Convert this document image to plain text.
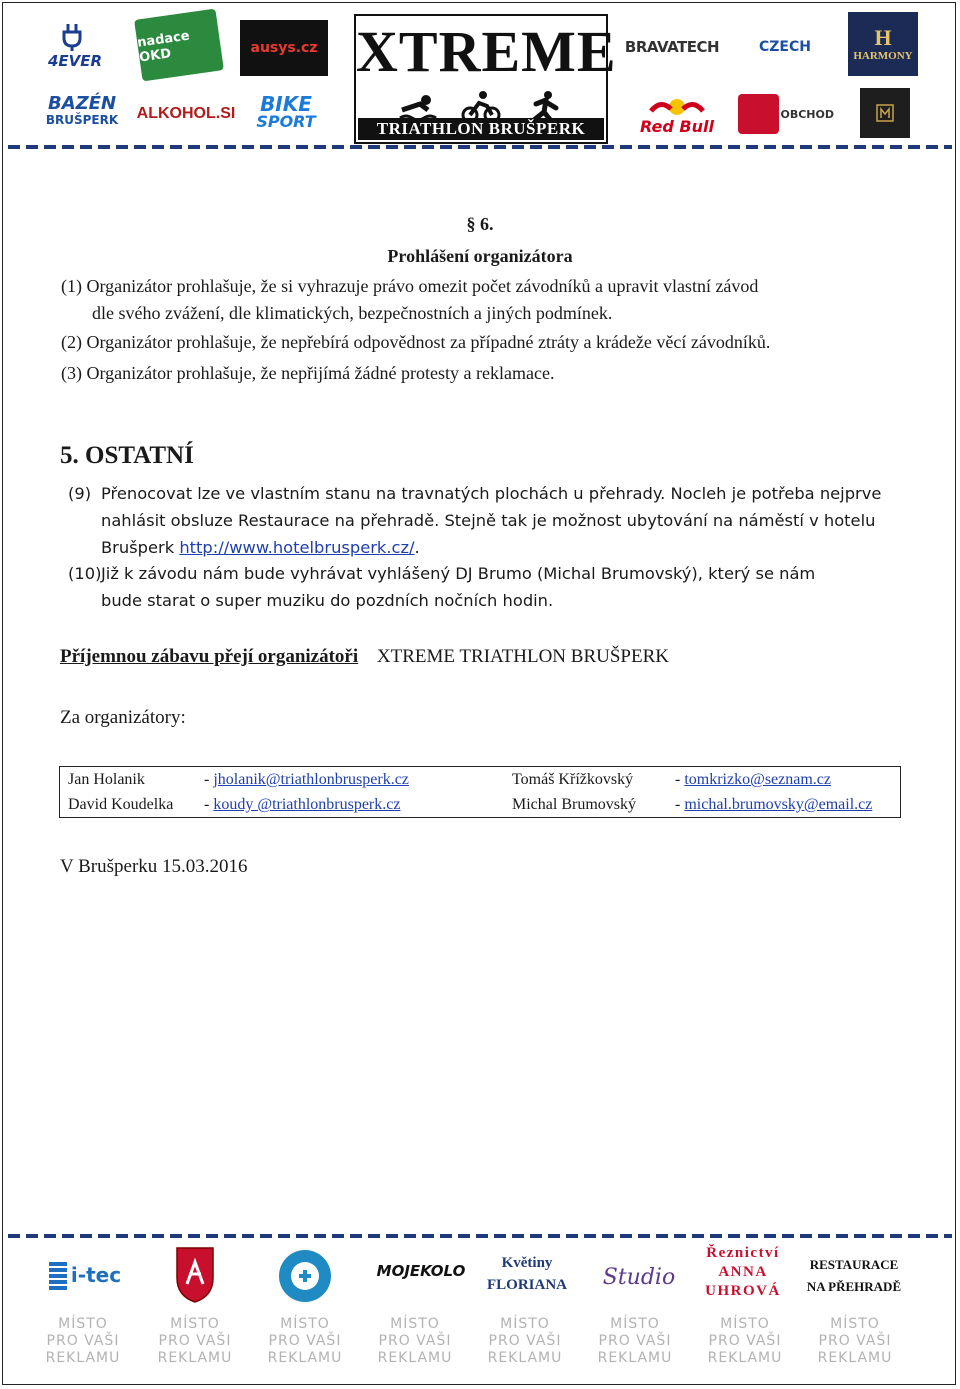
4EVER
nadace OKD	ausys.cz
BAZÉN
BRUŠPERK ALKOHOL.SI BIKE
SPORT
XTREME
TRIATHLON BRUŠPERK
BRAVATECH	CZECH	H
HARMONY
Red Bull
OBCHOD
§ 6.
Prohlášení organizátora
(1) Organizátor prohlašuje, že si vyhrazuje právo omezit počet závodníků a upravit vlastní závod
dle svého zvážení, dle klimatických, bezpečnostních a jiných podmínek.
(2) Organizátor prohlašuje, že nepřebírá odpovědnost za případné ztráty a krádeže věcí závodníků.
(3) Organizátor prohlašuje, že nepřijímá žádné protesty a reklamace.
5. OSTATNÍ
(9) Přenocovat lze ve vlastním stanu na travnatých plochách u přehrady. Nocleh je potřeba nejprve
nahlásit obsluze Restaurace na přehradě. Stejně tak je možnost ubytování na náměstí v hotelu
Brušperk http://www.hotelbrusperk.cz/.
(10) Již k závodu nám bude vyhrávat vyhlášený DJ Brumo (Michal Brumovský), který se nám
bude starat o super muziku do pozdních nočních hodin.
Příjemnou zábavu přejí organizátoři XTREME TRIATHLON BRUŠPERK
Za organizátory:
Jan Holanik	- jholanik@triathlonbrusperk.cz	Tomáš Křížkovský	- tomkrizko@seznam.cz
David Koudelka	- koudy @triathlonbrusperk.cz	Michal Brumovský	- michal.brumovsky@email.cz
V Brušperku 15.03.2016
i-tec	MOJEKOLO	Květiny
FLORIANA	Studio
Řeznictví
ANNA
UHROVÁ
RESTAURACE
NA PŘEHRADĚ
MÍSTO
PRO VAŠI
REKLAMU
MÍSTO
PRO VAŠI
REKLAMU
MÍSTO
PRO VAŠI
REKLAMU
MÍSTO
PRO VAŠI
REKLAMU
MÍSTO
PRO VAŠI
REKLAMU
MÍSTO
PRO VAŠI
REKLAMU
MÍSTO
PRO VAŠI
REKLAMU
MÍSTO
PRO VAŠI
REKLAMU
